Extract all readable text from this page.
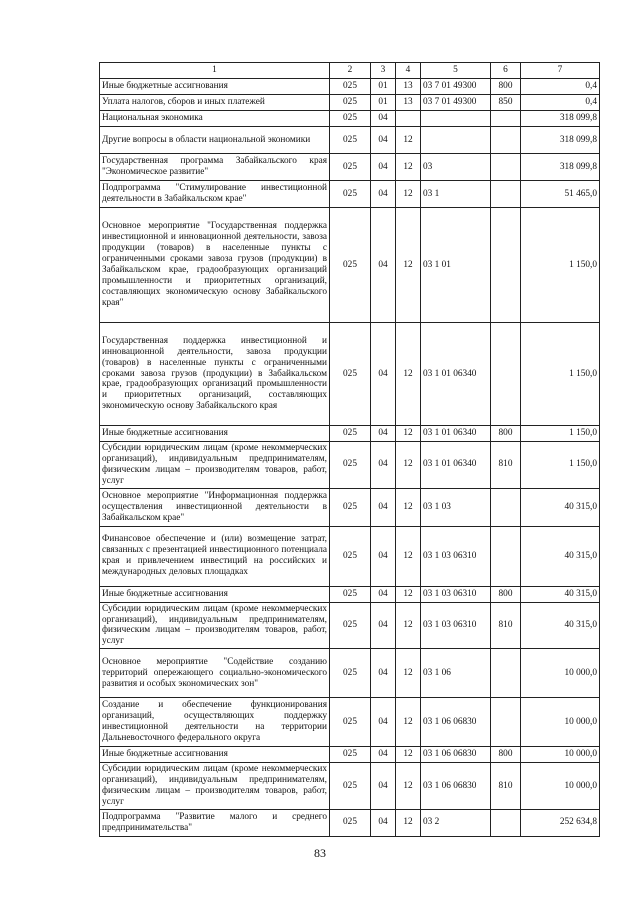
1	2	3	4	5	6	7
Иные бюджетные ассигнования	025	01	13	03 7 01 49300	800	0,4
Уплата налогов, сборов и иных платежей	025	01	13	03 7 01 49300	850	0,4
Национальная экономика	025	04				318 099,8
Другие вопросы в области национальной экономики	025	04	12			318 099,8
Государственная программа Забайкальского края "Экономическое развитие"	025	04	12	03		318 099,8
Подпрограмма "Стимулирование инвестиционной деятельности в Забайкальском крае"	025	04	12	03 1		51 465,0
Основное мероприятие "Государственная поддержка инвестиционной и инновационной деятельности, завоза продукции (товаров) в населенные пункты с ограниченными сроками завоза грузов (продукции) в Забайкальском крае, градообразующих организаций промышленности и приоритетных организаций, составляющих экономическую основу Забайкальского края"	025	04	12	03 1 01		1 150,0
Государственная поддержка инвестиционной и инновационной деятельности, завоза продукции (товаров) в населенные пункты с ограниченными сроками завоза грузов (продукции) в Забайкальском крае, градообразующих организаций промышленности и приоритетных организаций, составляющих экономическую основу Забайкальского края	025	04	12	03 1 01 06340		1 150,0
Иные бюджетные ассигнования	025	04	12	03 1 01 06340	800	1 150,0
Субсидии юридическим лицам (кроме некоммерческих организаций), индивидуальным предпринимателям, физическим лицам – производителям товаров, работ, услуг	025	04	12	03 1 01 06340	810	1 150,0
Основное мероприятие "Информационная поддержка осуществления инвестиционной деятельности в Забайкальском крае"	025	04	12	03 1 03		40 315,0
Финансовое обеспечение и (или) возмещение затрат, связанных с презентацией инвестиционного потенциала края и привлечением инвестиций на российских и международных деловых площадках	025	04	12	03 1 03 06310		40 315,0
Иные бюджетные ассигнования	025	04	12	03 1 03 06310	800	40 315,0
Субсидии юридическим лицам (кроме некоммерческих организаций), индивидуальным предпринимателям, физическим лицам – производителям товаров, работ, услуг	025	04	12	03 1 03 06310	810	40 315,0
Основное мероприятие "Содействие созданию территорий опережающего социально-экономического развития и особых экономических зон"	025	04	12	03 1 06		10 000,0
Создание и обеспечение функционирования организаций, осуществляющих поддержку инвестиционной деятельности на территории Дальневосточного федерального округа	025	04	12	03 1 06 06830		10 000,0
Иные бюджетные ассигнования	025	04	12	03 1 06 06830	800	10 000,0
Субсидии юридическим лицам (кроме некоммерческих организаций), индивидуальным предпринимателям, физическим лицам – производителям товаров, работ, услуг	025	04	12	03 1 06 06830	810	10 000,0
Подпрограмма "Развитие малого и среднего предпринимательства"	025	04	12	03 2		252 634,8
83
